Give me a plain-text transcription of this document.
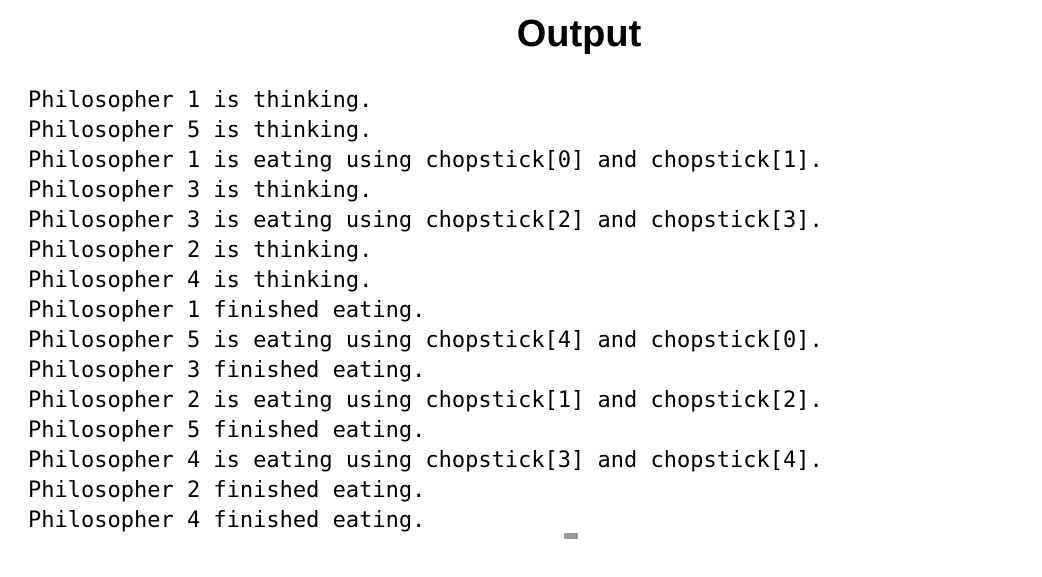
Output
Philosopher 1 is thinking.
Philosopher 5 is thinking.
Philosopher 1 is eating using chopstick[0] and chopstick[1].
Philosopher 3 is thinking.
Philosopher 3 is eating using chopstick[2] and chopstick[3].
Philosopher 2 is thinking.
Philosopher 4 is thinking.
Philosopher 1 finished eating.
Philosopher 5 is eating using chopstick[4] and chopstick[0].
Philosopher 3 finished eating.
Philosopher 2 is eating using chopstick[1] and chopstick[2].
Philosopher 5 finished eating.
Philosopher 4 is eating using chopstick[3] and chopstick[4].
Philosopher 2 finished eating.
Philosopher 4 finished eating.
